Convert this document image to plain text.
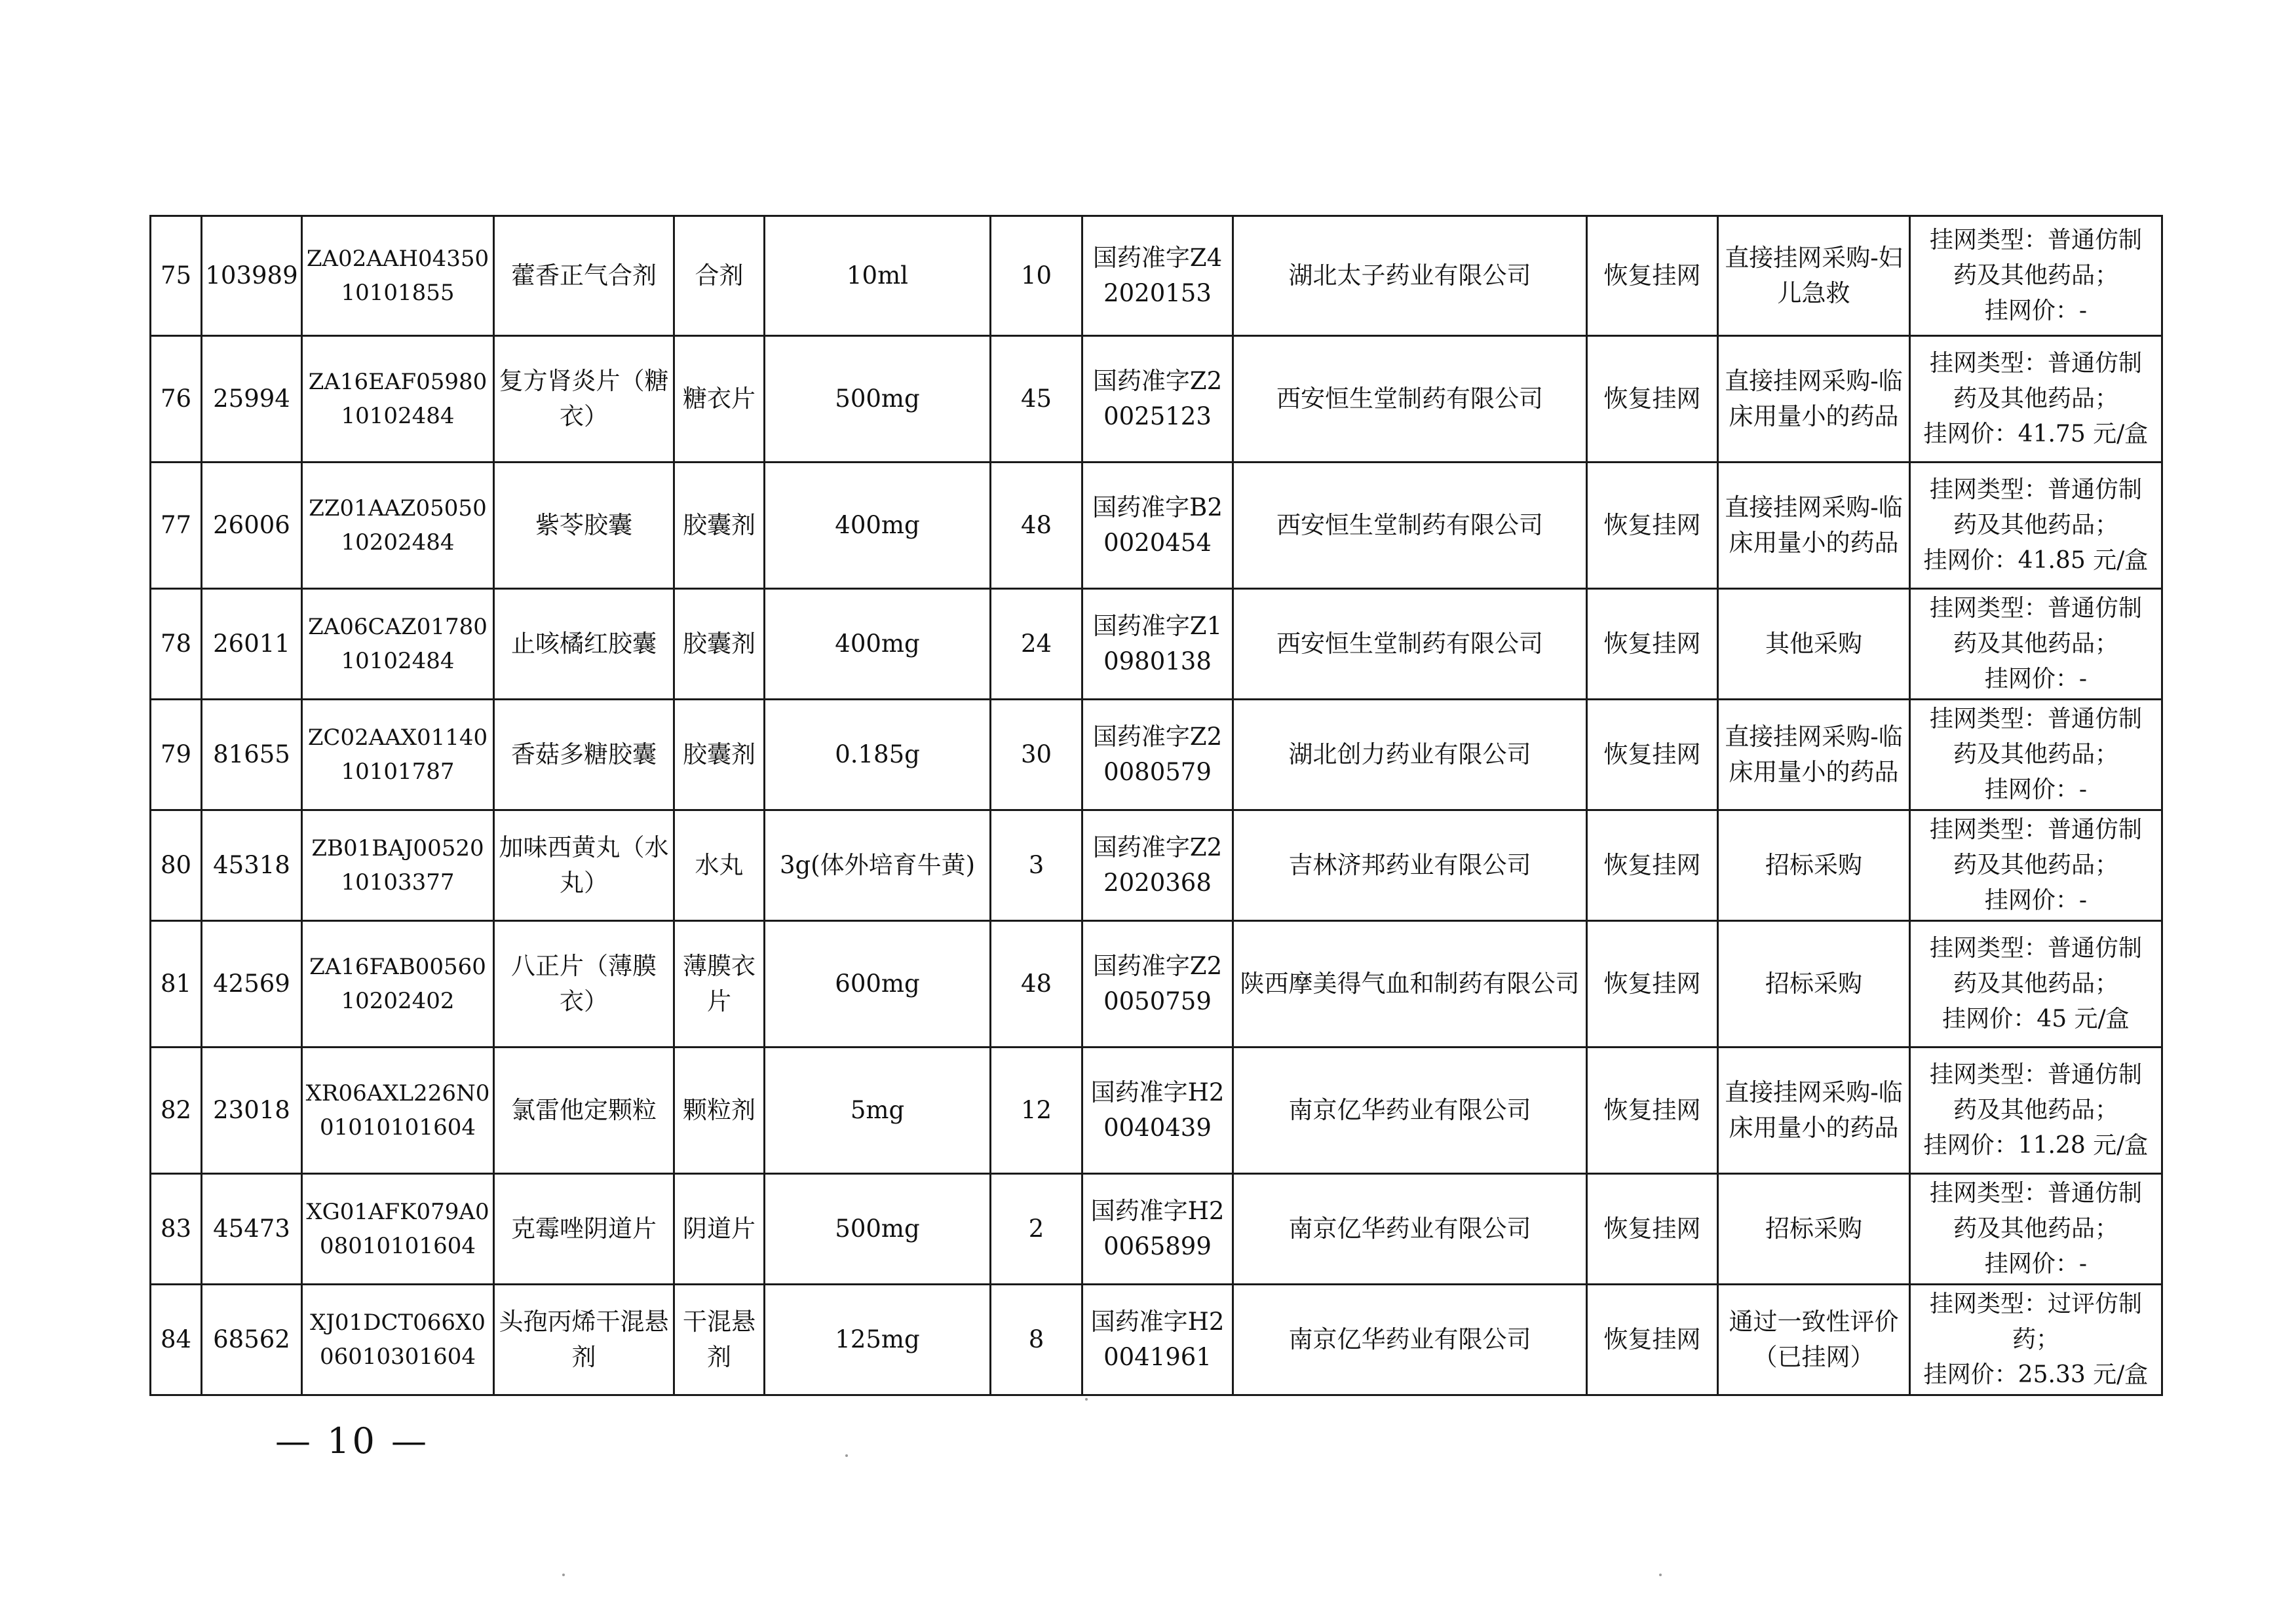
75	103989	ZA02AAH0435010101855	藿香正气合剂	合剂	10ml	10	国药准字Z42020153	湖北太子药业有限公司	恢复挂网	直接挂网采购-妇儿急救	挂网类型：普通仿制
药及其他药品；
挂网价：-

76	25994	ZA16EAF0598010102484	复方肾炎片（糖衣）	糖衣片	500mg	45	国药准字Z20025123	西安恒生堂制药有限公司	恢复挂网	直接挂网采购-临床用量小的药品	挂网类型：普通仿制
药及其他药品；
挂网价：41.75 元/盒

77	26006	ZZ01AAZ0505010202484	紫苓胶囊	胶囊剂	400mg	48	国药准字B20020454	西安恒生堂制药有限公司	恢复挂网	直接挂网采购-临床用量小的药品	挂网类型：普通仿制
药及其他药品；
挂网价：41.85 元/盒

78	26011	ZA06CAZ0178010102484	止咳橘红胶囊	胶囊剂	400mg	24	国药准字Z10980138	西安恒生堂制药有限公司	恢复挂网	其他采购	挂网类型：普通仿制
药及其他药品；
挂网价：-

79	81655	ZC02AAX0114010101787	香菇多糖胶囊	胶囊剂	0.185g	30	国药准字Z20080579	湖北创力药业有限公司	恢复挂网	直接挂网采购-临床用量小的药品	挂网类型：普通仿制
药及其他药品；
挂网价：-

80	45318	ZB01BAJ0052010103377	加味西黄丸（水丸）	水丸	3g(体外培育牛黄)	3	国药准字Z22020368	吉林济邦药业有限公司	恢复挂网	招标采购	挂网类型：普通仿制
药及其他药品；
挂网价：-

81	42569	ZA16FAB0056010202402	八正片（薄膜衣）	薄膜衣片	600mg	48	国药准字Z20050759	陕西摩美得气血和制药有限公司	恢复挂网	招标采购	挂网类型：普通仿制
药及其他药品；
挂网价：45 元/盒

82	23018	XR06AXL226N001010101604	氯雷他定颗粒	颗粒剂	5mg	12	国药准字H20040439	南京亿华药业有限公司	恢复挂网	直接挂网采购-临床用量小的药品	挂网类型：普通仿制
药及其他药品；
挂网价：11.28 元/盒

83	45473	XG01AFK079A008010101604	克霉唑阴道片	阴道片	500mg	2	国药准字H20065899	南京亿华药业有限公司	恢复挂网	招标采购	挂网类型：普通仿制
药及其他药品；
挂网价：-

84	68562	XJ01DCT066X006010301604	头孢丙烯干混悬剂	干混悬剂	125mg	8	国药准字H20041961	南京亿华药业有限公司	恢复挂网	通过一致性评价（已挂网）	挂网类型：过评仿制
药；
挂网价：25.33 元/盒
— 10 —
